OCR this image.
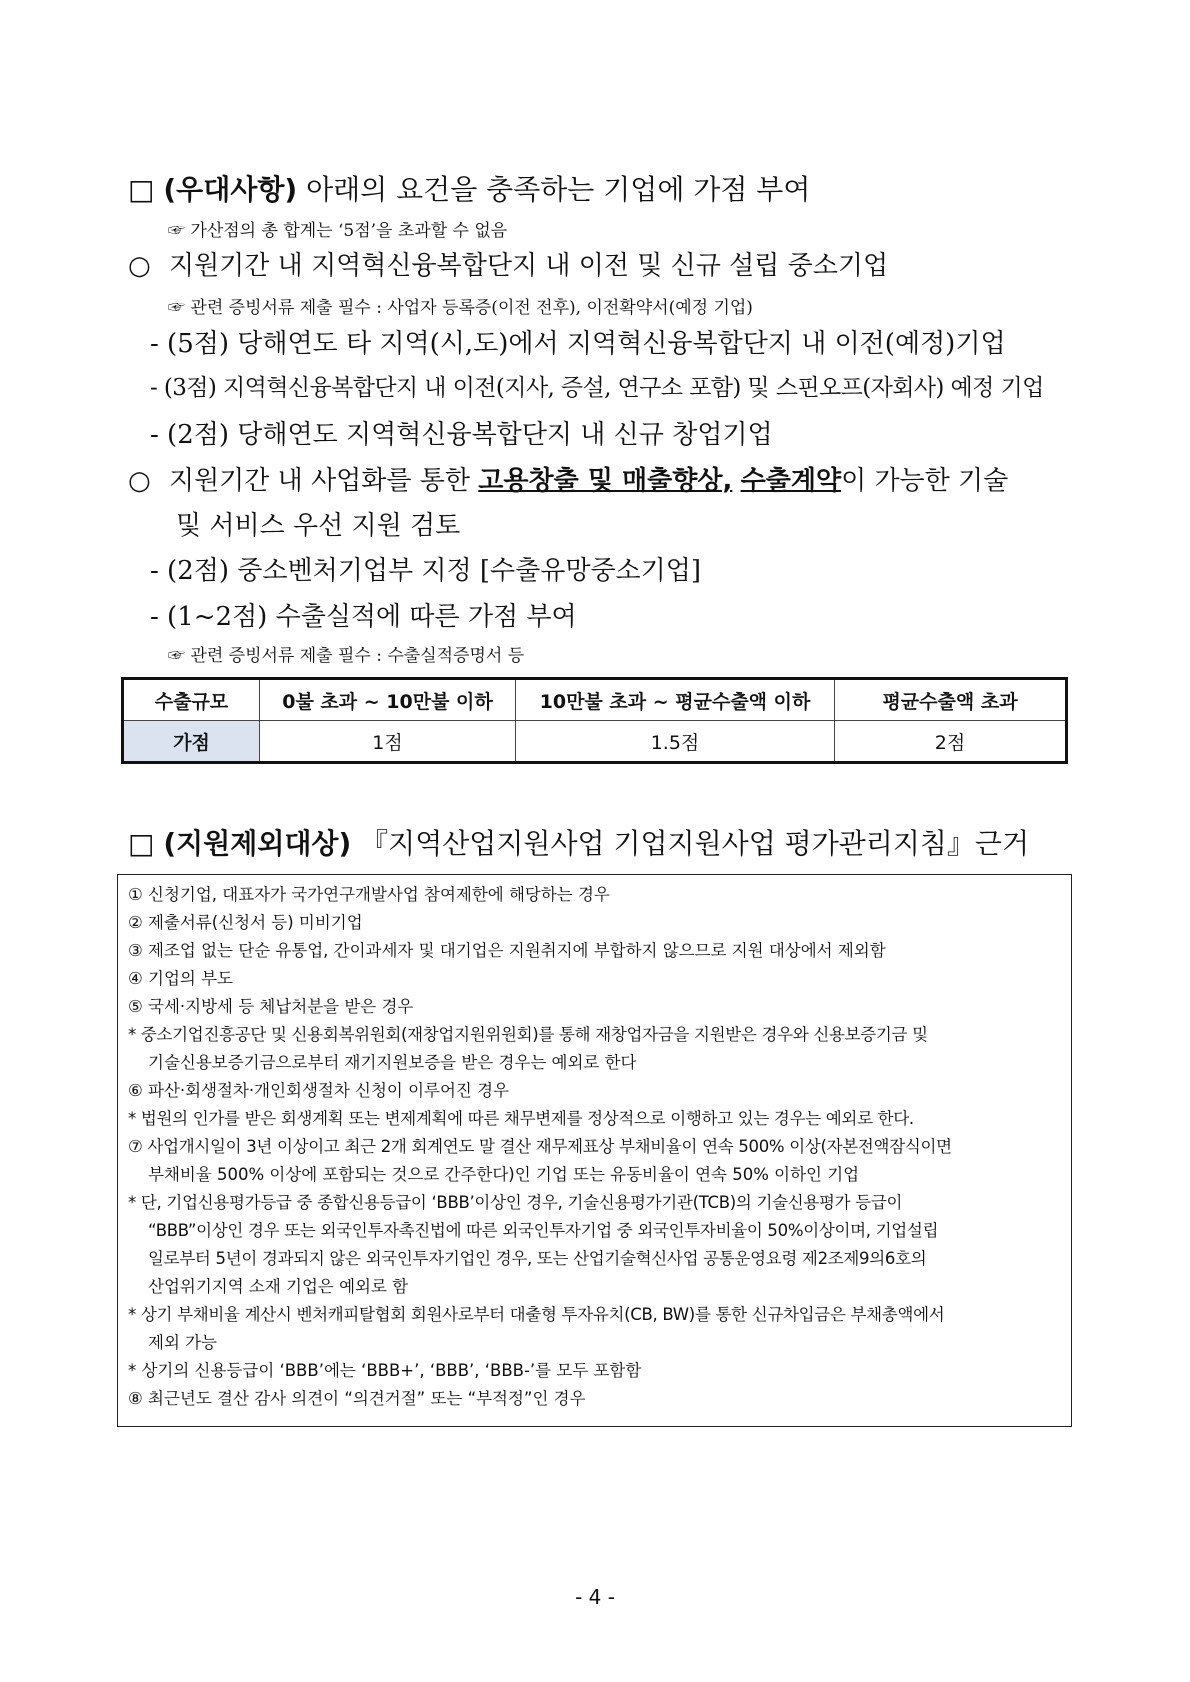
□ (우대사항) 아래의 요건을 충족하는 기업에 가점 부여
☞ 가산점의 총 합계는 ‘5점’을 초과할 수 없음
○ 지원기간 내 지역혁신융복합단지 내 이전 및 신규 설립 중소기업
☞ 관련 증빙서류 제출 필수 : 사업자 등록증(이전 전후), 이전확약서(예정 기업)
- (5점) 당해연도 타 지역(시,도)에서 지역혁신융복합단지 내 이전(예정)기업
- (3점) 지역혁신융복합단지 내 이전(지사, 증설, 연구소 포함) 및 스핀오프(자회사) 예정 기업
- (2점) 당해연도 지역혁신융복합단지 내 신규 창업기업
○ 지원기간 내 사업화를 통한 고용창출 및 매출향상, 수출계약이 가능한 기술
및 서비스 우선 지원 검토
- (2점) 중소벤처기업부 지정 [수출유망중소기업]
- (1~2점) 수출실적에 따른 가점 부여
☞ 관련 증빙서류 제출 필수 : 수출실적증명서 등
수출규모	0불 초과 ~ 10만불 이하	10만불 초과 ~ 평균수출액 이하	평균수출액 초과
가점	1점	1.5점	2점
□ (지원제외대상) 『지역산업지원사업 기업지원사업 평가관리지침』근거
① 신청기업, 대표자가 국가연구개발사업 참여제한에 해당하는 경우
② 제출서류(신청서 등) 미비기업
③ 제조업 없는 단순 유통업, 간이과세자 및 대기업은 지원취지에 부합하지 않으므로 지원 대상에서 제외함
④ 기업의 부도
⑤ 국세·지방세 등 체납처분을 받은 경우
* 중소기업진흥공단 및 신용회복위원회(재창업지원위원회)를 통해 재창업자금을 지원받은 경우와 신용보증기금 및
기술신용보증기금으로부터 재기지원보증을 받은 경우는 예외로 한다
⑥ 파산·회생절차·개인회생절차 신청이 이루어진 경우
* 법원의 인가를 받은 회생계획 또는 변제계획에 따른 채무변제를 정상적으로 이행하고 있는 경우는 예외로 한다.
⑦ 사업개시일이 3년 이상이고 최근 2개 회계연도 말 결산 재무제표상 부채비율이 연속 500% 이상(자본전액잠식이면
부채비율 500% 이상에 포함되는 것으로 간주한다)인 기업 또는 유동비율이 연속 50% 이하인 기업
* 단, 기업신용평가등급 중 종합신용등급이 ‘BBB’이상인 경우, 기술신용평가기관(TCB)의 기술신용평가 등급이
“BBB”이상인 경우 또는 외국인투자촉진법에 따른 외국인투자기업 중 외국인투자비율이 50%이상이며, 기업설립
일로부터 5년이 경과되지 않은 외국인투자기업인 경우, 또는 산업기술혁신사업 공통운영요령 제2조제9의6호의
산업위기지역 소재 기업은 예외로 함
* 상기 부채비율 계산시 벤처캐피탈협회 회원사로부터 대출형 투자유치(CB, BW)를 통한 신규차입금은 부채총액에서
제외 가능
* 상기의 신용등급이 ‘BBB’에는 ‘BBB+’, ‘BBB’, ‘BBB-’를 모두 포함함
⑧ 최근년도 결산 감사 의견이 “의견거절” 또는 “부적정”인 경우
- 4 -
